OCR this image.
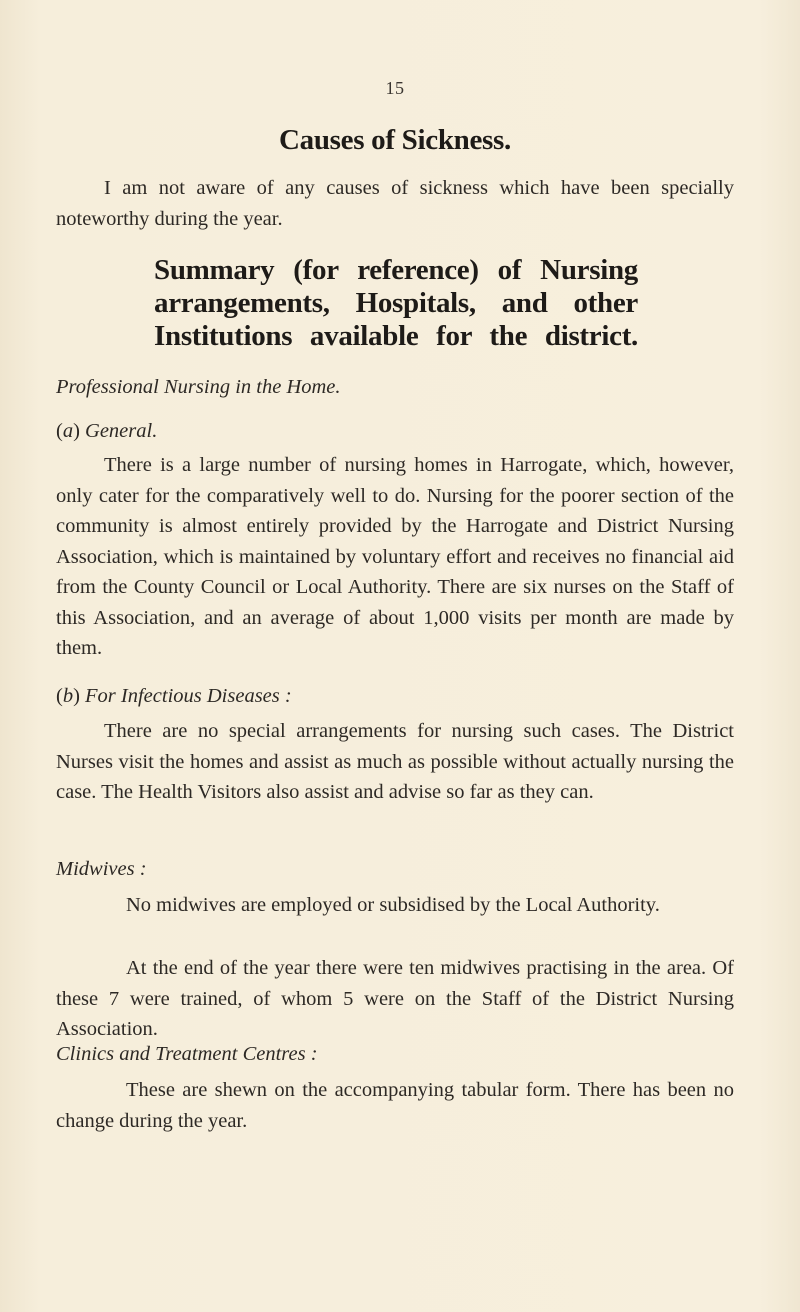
15
Causes of Sickness.

I am not aware of any causes of sickness which have been specially noteworthy during the year.

Summary (for reference) of Nursing
arrangements, Hospitals, and other
Institutions available for the district.
Professional Nursing in the Home.
(a) General.

There is a large number of nursing homes in Harrogate, which, however, only cater for the comparatively well to do. Nursing for the poorer section of the community is almost entirely provided by the Harrogate and District Nursing Association, which is maintained by voluntary effort and receives no financial aid from the County Council or Local Authority. There are six nurses on the Staff of this Association, and an average of about 1,000 visits per month are made by them.

(b) For Infectious Diseases :

There are no special arrangements for nursing such cases. The District Nurses visit the homes and assist as much as possible without actually nursing the case. The Health Visitors also assist and advise so far as they can.

Midwives :

No midwives are employed or subsidised by the Local Authority.

At the end of the year there were ten midwives practising in the area. Of these 7 were trained, of whom 5 were on the Staff of the District Nursing Association.

Clinics and Treatment Centres :

These are shewn on the accompanying tabular form. There has been no change during the year.
